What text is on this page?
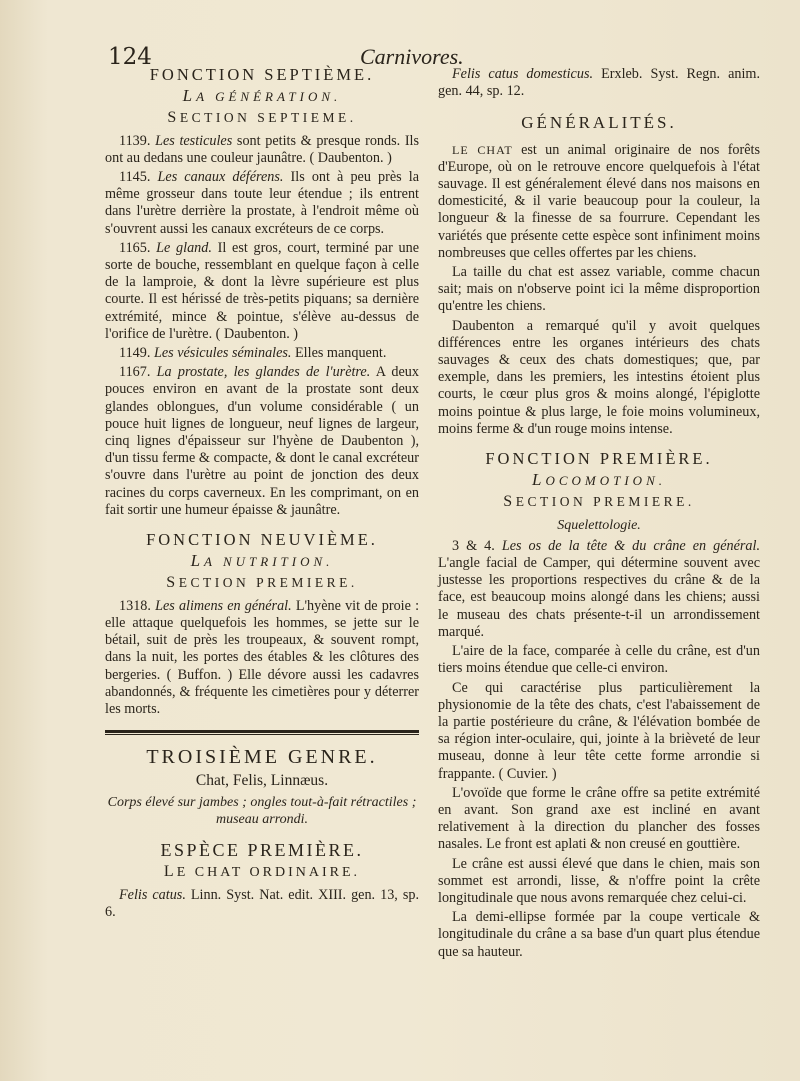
124	Carnivores.
FONCTION SEPTIÈME.
LA GÉNÉRATION.
SECTION SEPTIEME.

1139. Les testicules sont petits & presque ronds. Ils ont au dedans une couleur jaunâtre. ( Daubenton. )

1145. Les canaux déférens. Ils ont à peu près la même grosseur dans toute leur étendue ; ils entrent dans l'urètre derrière la prostate, à l'endroit même où s'ouvrent aussi les canaux excréteurs de ce corps.

1165. Le gland. Il est gros, court, terminé par une sorte de bouche, ressemblant en quelque façon à celle de la lamproie, & dont la lèvre supérieure est plus courte. Il est hérissé de très-petits piquans; sa dernière extrémité, mince & pointue, s'élève au-dessus de l'orifice de l'urètre. ( Daubenton. )

1149. Les vésicules séminales. Elles manquent.

1167. La prostate, les glandes de l'urètre. A deux pouces environ en avant de la prostate sont deux glandes oblongues, d'un volume considérable ( un pouce huit lignes de longueur, neuf lignes de largeur, cinq lignes d'épaisseur sur l'hyène de Daubenton ), d'un tissu ferme & compacte, & dont le canal excréteur s'ouvre dans l'urètre au point de jonction des deux racines du corps caverneux. En les comprimant, on en fait sortir une humeur épaisse & jaunâtre.

FONCTION NEUVIÈME.
LA NUTRITION.
SECTION PREMIERE.

1318. Les alimens en général. L'hyène vit de proie : elle attaque quelquefois les hommes, se jette sur le bétail, suit de près les troupeaux, & souvent rompt, dans la nuit, les portes des étables & les clôtures des bergeries. ( Buffon. ) Elle dévore aussi les cadavres abandonnés, & fréquente les cimetières pour y déterrer les morts.

TROISIÈME GENRE.
Chat, Felis, Linnæus.
Corps élevé sur jambes ; ongles tout-à-fait rétractiles ; museau arrondi.
ESPÈCE PREMIÈRE.
LE CHAT ORDINAIRE.

Felis catus. Linn. Syst. Nat. edit. XIII. gen. 13, sp. 6.

Felis catus domesticus. Erxleb. Syst. Regn. anim. gen. 44, sp. 12.

GÉNÉRALITÉS.

LE CHAT est un animal originaire de nos forêts d'Europe, où on le retrouve encore quelquefois à l'état sauvage. Il est généralement élevé dans nos maisons en domesticité, & il varie beaucoup pour la couleur, la longueur & la finesse de sa fourrure. Cependant les variétés que présente cette espèce sont infiniment moins nombreuses que celles offertes par les chiens.

La taille du chat est assez variable, comme chacun sait; mais on n'observe point ici la même disproportion qu'entre les chiens.

Daubenton a remarqué qu'il y avoit quelques différences entre les organes intérieurs des chats sauvages & ceux des chats domestiques; que, par exemple, dans les premiers, les intestins étoient plus courts, le cœur plus gros & moins alongé, l'épiglotte moins pointue & plus large, le foie moins volumineux, moins ferme & d'un rouge moins intense.

FONCTION PREMIÈRE.
LOCOMOTION.
SECTION PREMIERE.
Squelettologie.

3 & 4. Les os de la tête & du crâne en général. L'angle facial de Camper, qui détermine souvent avec justesse les proportions respectives du crâne & de la face, est beaucoup moins alongé dans les chiens; aussi le museau des chats présente-t-il un arrondissement marqué.

L'aire de la face, comparée à celle du crâne, est d'un tiers moins étendue que celle-ci environ.

Ce qui caractérise plus particulièrement la physionomie de la tête des chats, c'est l'abaissement de la partie postérieure du crâne, & l'élévation bombée de sa région inter-oculaire, qui, jointe à la brièveté de leur museau, donne à leur tête cette forme arrondie si frappante. ( Cuvier. )

L'ovoïde que forme le crâne offre sa petite extrémité en avant. Son grand axe est incliné en avant relativement à la direction du plancher des fosses nasales. Le front est aplati & non creusé en gouttière.

Le crâne est aussi élevé que dans le chien, mais son sommet est arrondi, lisse, & n'offre point la crête longitudinale que nous avons remarquée chez celui-ci.

La demi-ellipse formée par la coupe verticale & longitudinale du crâne a sa base d'un quart plus étendue que sa hauteur.
